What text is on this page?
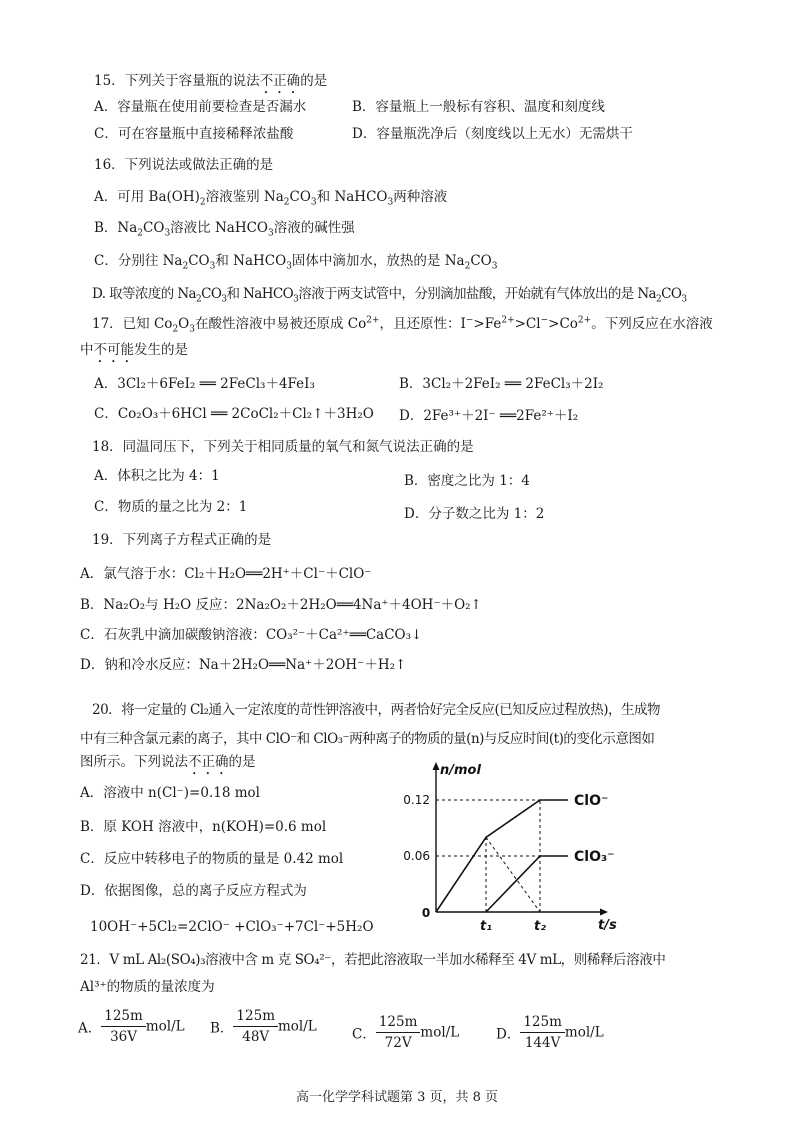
15．下列关于容量瓶的说法不正确的是
A．容量瓶在使用前要检查是否漏水	B．容量瓶上一般标有容积、温度和刻度线
C．可在容量瓶中直接稀释浓盐酸	D．容量瓶洗净后（刻度线以上无水）无需烘干
16．下列说法或做法正确的是
A．可用 $Ba(OH)_2$溶液鉴别 $Na_2CO_3$和 NaHCO$_3$两种溶液
B．$Na_2CO_3$溶液比 NaHCO$_3$溶液的碱性强
C．分别往 $Na_2CO_3$和 NaHCO$_3$固体中滴加水，放热的是 $Na_2CO_3$
D. 取等浓度的 $Na_2CO_3$和 NaHCO$_3$溶液于两支试管中，分别滴加盐酸，开始就有气体放出的是 $Na_2CO_3$
17．已知 $Co_2O_3$在酸性溶液中易被还原成 $Co^{2+}$，且还原性：$I^->Fe^{2+}>Cl^->Co^{2+}$。下列反应在水溶液
中不可能发生的是
A．3Cl₂＋6FeI₂ ══ 2FeCl₃＋4FeI₃	B．3Cl₂＋2FeI₂ ══ 2FeCl₃＋2I₂
C．Co₂O₃＋6HCl ══ 2CoCl₂＋Cl₂↑＋3H₂O D．2Fe³⁺＋2I⁻ ══2Fe²⁺＋I₂
18．同温同压下，下列关于相同质量的氧气和氮气说法正确的是
A．体积之比为 4：1	B．密度之比为 1：4
C．物质的量之比为 2：1	D．分子数之比为 1：2
19．下列离子方程式正确的是
A．氯气溶于水：Cl₂＋H₂O══2H⁺＋Cl⁻＋ClO⁻
B．Na₂O₂与 H₂O 反应：2Na₂O₂＋2H₂O══4Na⁺＋4OH⁻＋O₂↑
C．石灰乳中滴加碳酸钠溶液：CO₃²⁻＋Ca²⁺══CaCO₃↓
D．钠和冷水反应：Na＋2H₂O══Na⁺＋2OH⁻＋H₂↑
20．将一定量的 Cl₂通入一定浓度的苛性钾溶液中，两者恰好完全反应(已知反应过程放热)，生成物
中有三种含氯元素的离子，其中 ClO⁻和 ClO₃⁻两种离子的物质的量(n)与反应时间(t)的变化示意图如
图所示。下列说法不正确的是
A．溶液中 n(Cl⁻)=0.18 mol
B．原 KOH 溶液中，n(KOH)=0.6 mol
C．反应中转移电子的物质的量是 0.42 mol
D．依据图像，总的离子反应方程式为
10OH⁻+5Cl₂=2ClO⁻ +ClO₃⁻+7Cl⁻+5H₂O
n/mol
t/s
0
0.06
0.12
t₁	t₂
ClO⁻
ClO₃⁻
21．V mL Al₂(SO₄)₃溶液中含 m 克 SO₄²⁻，若把此溶液取一半加水稀释至 4V mL，则稀释后溶液中
Al³⁺的物质的量浓度为
A． $\frac{125m}{36V} mol/L$ B． $\frac{125m}{48V} mol/L$	C． $\frac{125m}{72V} mol/L$	D． $\frac{125m}{144V} mol/L$
高一化学学科试题第 3 页，共 8 页
